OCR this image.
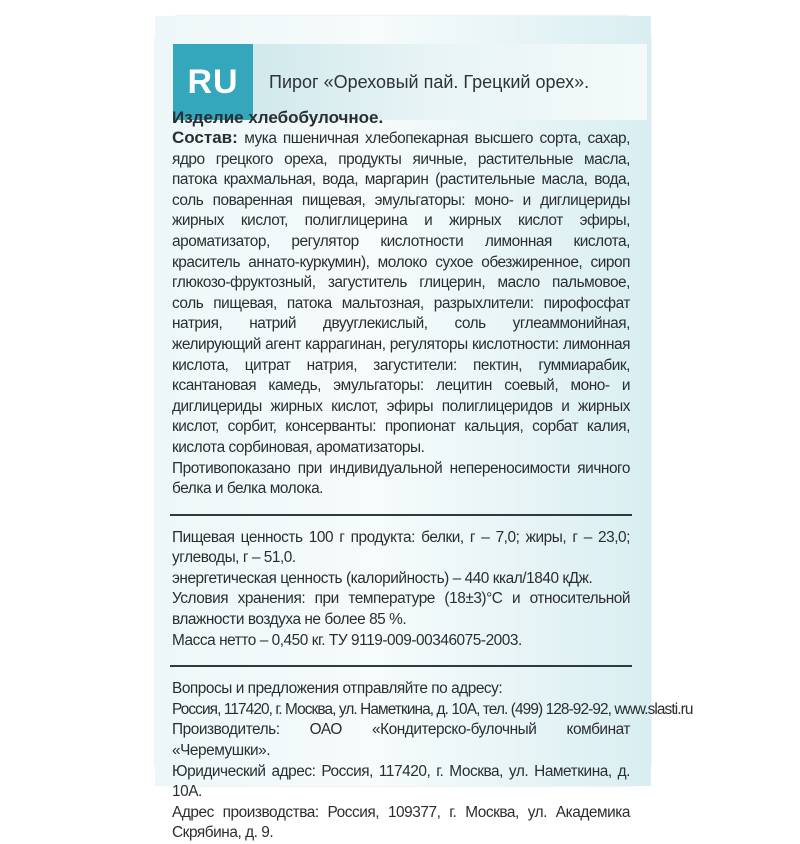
RU	Пирог «Ореховый пай. Грецкий орех».
Изделие хлебобулочное.

Состав: мука пшеничная хлебопекарная высшего сорта, сахар, ядро грецкого ореха, продукты яичные, растительные масла, патока крахмальная, вода, маргарин (растительные масла, вода, соль поваренная пищевая, эмульгаторы: моно- и диглицериды жирных кислот, полиглицерина и жирных кислот эфиры, ароматизатор, регулятор кислотности лимонная кислота, краситель аннато-куркумин), молоко сухое обезжиренное, сироп глюкозо-фруктозный, загуститель глицерин, масло пальмовое, соль пищевая, патока мальтозная, разрыхлители: пирофосфат натрия, натрий двууглекислый, соль углеаммонийная, желирующий агент каррагинан, регуляторы кислотности: лимонная кислота, цитрат натрия, загустители: пектин, гуммиарабик, ксантановая камедь, эмульгаторы: лецитин соевый, моно- и диглицериды жирных кислот, эфиры полиглицеридов и жирных кислот, сорбит, консерванты: пропионат кальция, сорбат калия, кислота сорбиновая, ароматизаторы.

Противопоказано при индивидуальной непереносимости яичного белка и белка молока.

Пищевая ценность 100 г продукта: белки, г – 7,0; жиры, г – 23,0; углеводы, г – 51,0.

энергетическая ценность (калорийность) – 440 ккал/1840 кДж.

Условия хранения: при температуре (18±3)°С и относительной влажности воздуха не более 85 %.

Масса нетто – 0,450 кг. ТУ 9119-009-00346075-2003.

Вопросы и предложения отправляйте по адресу:

Россия, 117420, г. Москва, ул. Наметкина, д. 10А, тел. (499) 128-92-92, www.slasti.ru

Производитель: ОАО «Кондитерско-булочный комбинат «Черемушки».

Юридический адрес: Россия, 117420, г. Москва, ул. Наметкина, д. 10А.

Адрес производства: Россия, 109377, г. Москва, ул. Академика Скрябина, д. 9.
